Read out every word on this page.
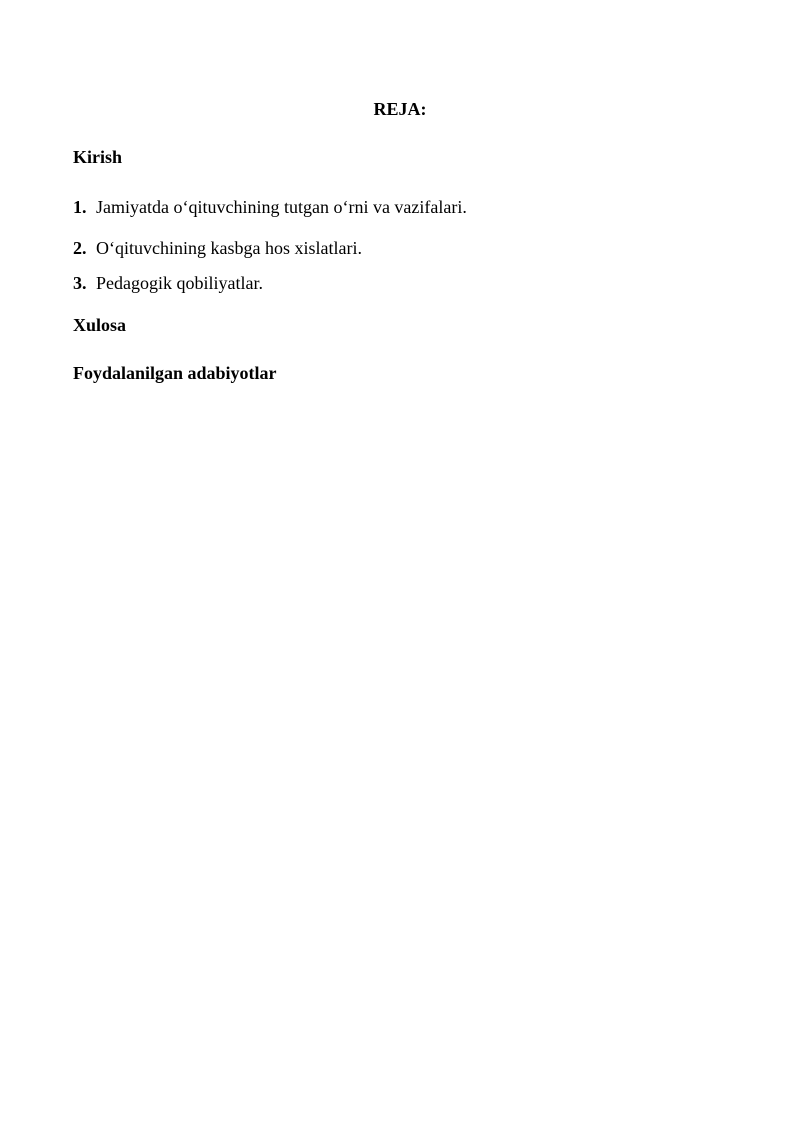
REJA:
Kirish
1. Jamiyatda o‘qituvchining tutgan o‘rni va vazifalari.
2. O‘qituvchining kasbga hos xislatlari.
3. Pedagogik qobiliyatlar.
Xulosa
Foydalanilgan adabiyotlar
